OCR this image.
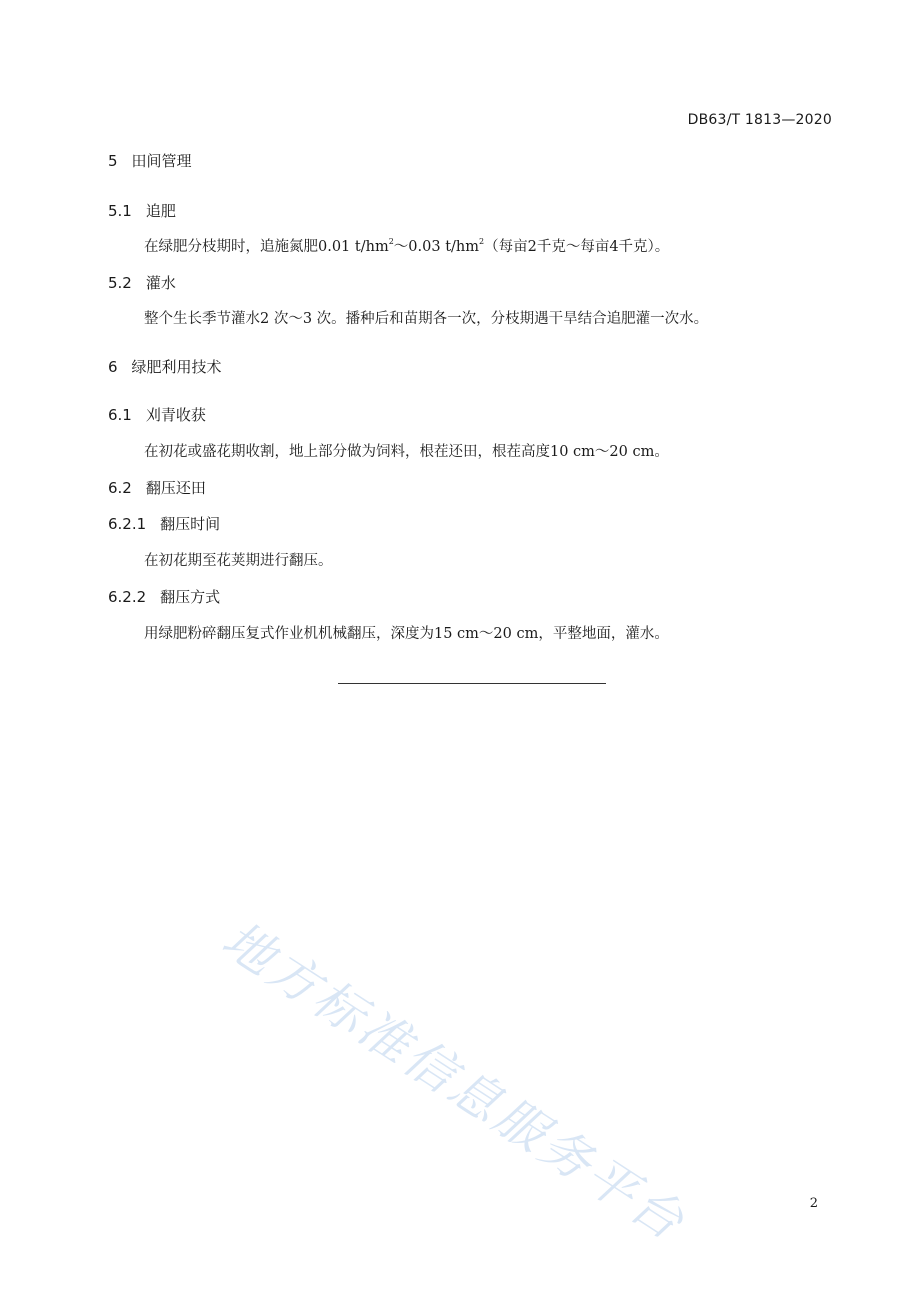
DB63/T 1813—2020
5 田间管理
5.1 追肥
在绿肥分枝期时，追施氮肥0.01 $t/hm^2\sim 0.03$ $t/hm^2$（每亩2千克～每亩4千克）。
5.2 灌水
整个生长季节灌水2 次～3 次。播种后和苗期各一次，分枝期遇干旱结合追肥灌一次水。
6 绿肥利用技术
6.1 刈青收获
在初花或盛花期收割，地上部分做为饲料，根茬还田，根茬高度10 cm～20 cm。
6.2 翻压还田
6.2.1 翻压时间
在初花期至花荚期进行翻压。
6.2.2 翻压方式
用绿肥粉碎翻压复式作业机机械翻压，深度为15 cm～20 cm，平整地面，灌水。
地方标准信息服务平台	2
